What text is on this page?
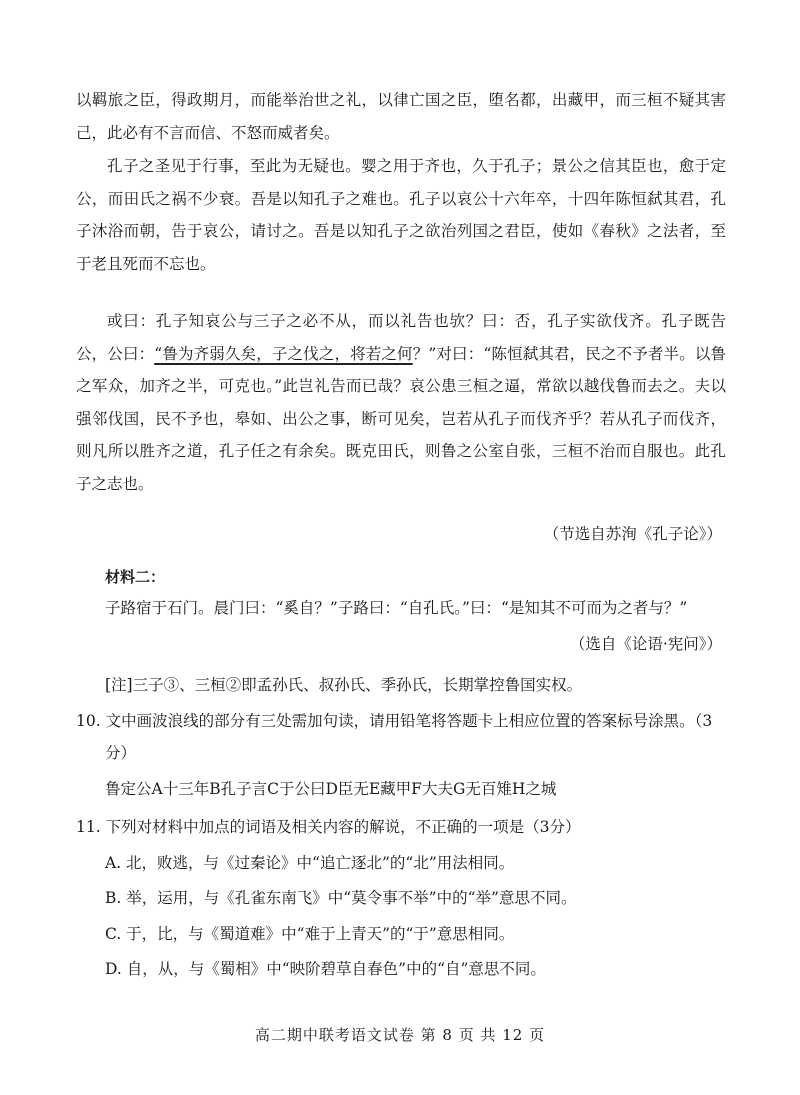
以羁旅之臣，得政期月，而能举治世之礼，以律亡国之臣，堕名都，出藏甲，而三桓不疑其害己，此必有不言而信、不怒而威者矣。

孔子之圣见于行事，至此为无疑也。婴之用于齐也，久于孔子；景公之信其臣也，愈于定公，而田氏之祸不少衰。吾是以知孔子之难也。孔子以哀公十六年卒，十四年陈恒弑其君，孔子沐浴而朝，告于哀公，请讨之。吾是以知孔子之欲治列国之君臣，使如《春秋》之法者，至于老且死而不忘也。

或曰：孔子知哀公与三子之必不从，而以礼告也欤？曰：否，孔子实欲伐齐。孔子既告公，公曰：“鲁为齐弱久矣，子之伐之，将若之何？”对曰：“陈恒弑其君，民之不予者半。以鲁之军众，加齐之半，可克也。”此岂礼告而已哉？哀公患三桓之逼，常欲以越伐鲁而去之。夫以强邻伐国，民不予也，皋如、出公之事，断可见矣，岂若从孔子而伐齐乎？若从孔子而伐齐，则凡所以胜齐之道，孔子任之有余矣。既克田氏，则鲁之公室自张，三桓不治而自服也。此孔子之志也。

（节选自苏洵《孔子论》）

材料二：

子路宿于石门。晨门曰：“奚自？”子路曰：“自孔氏。”曰：“是知其不可而为之者与？”

（选自《论语·宪问》）

[注]三子③、三桓②即孟孙氏、叔孙氏、季孙氏，长期掌控鲁国实权。

10. 文中画波浪线的部分有三处需加句读，请用铅笔将答题卡上相应位置的答案标号涂黑。（3

分）

鲁定公A十三年B孔子言C于公曰D臣无E藏甲F大夫G无百雉H之城

11. 下列对材料中加点的词语及相关内容的解说，不正确的一项是（3分）

A. 北，败逃，与《过秦论》中“追亡逐北”的“北”用法相同。

B. 举，运用，与《孔雀东南飞》中“莫令事不举”中的“举”意思不同。

C. 于，比，与《蜀道难》中“难于上青天”的“于”意思相同。

D. 自，从，与《蜀相》中“映阶碧草自春色”中的“自”意思不同。

高二期中联考语文试卷 第 8 页 共 12 页
